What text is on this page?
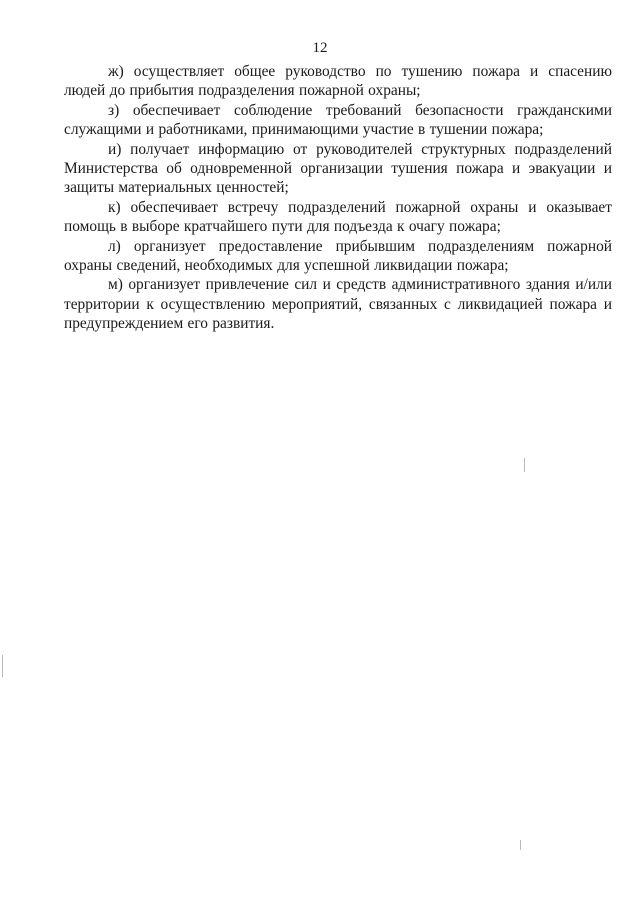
12

ж) осуществляет общее руководство по тушению пожара и спасению людей до прибытия подразделения пожарной охраны;

з) обеспечивает соблюдение требований безопасности гражданскими служащими и работниками, принимающими участие в тушении пожара;

и) получает информацию от руководителей структурных подразделений Министерства об одновременной организации тушения пожара и эвакуации и защиты материальных ценностей;

к) обеспечивает встречу подразделений пожарной охраны и оказывает помощь в выборе кратчайшего пути для подъезда к очагу пожара;

л) организует предоставление прибывшим подразделениям пожарной охраны сведений, необходимых для успешной ликвидации пожара;

м) организует привлечение сил и средств административного здания и/или территории к осуществлению мероприятий, связанных с ликвидацией пожара и предупреждением его развития.
